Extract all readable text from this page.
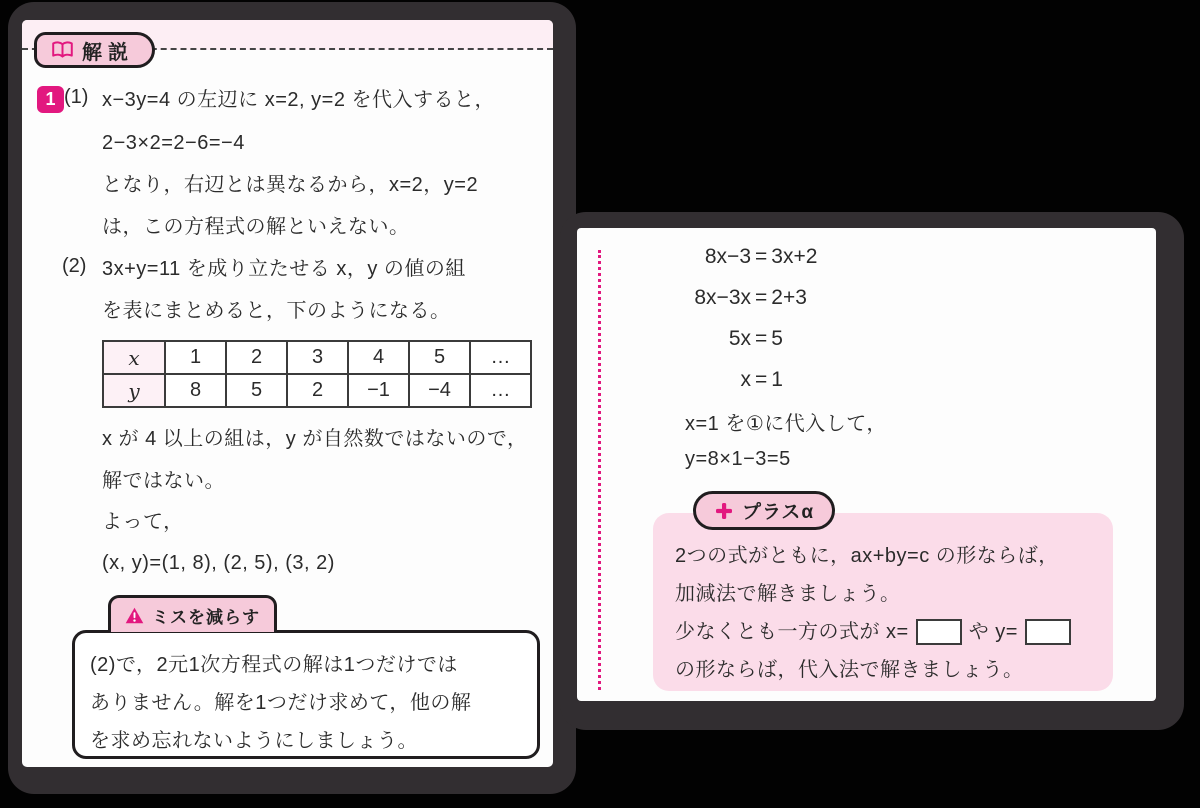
解説
1 (1) x−3y=4 の左辺に x=2, y=2 を代入すると，
2−3×2=2−6=−4
となり，右辺とは異なるから，x=2，y=2
は，この方程式の解といえない。
(2) 3x+y=11 を成り立たせる x，y の値の組
を表にまとめると，下のようになる。
x	1	2	3	4	5	…
y	8	5	2	−1	−4	…
x が 4 以上の組は，y が自然数ではないので，
解ではない。
よって，
(x, y)=(1, 8), (2, 5), (3, 2)
ミスを減らす
(2)で，2元1次方程式の解は1つだけでは
ありません。解を1つだけ求めて，他の解
を求め忘れないようにしましょう。
8x−3 = 3x+2
8x−3x = 2+3
5x = 5
x = 1
x=1 を①に代入して，
y=8×1−3=5
プラスα
2つの式がともに，ax+by=c の形ならば，
加減法で解きましょう。
少なくとも一方の式が x=	や y=
の形ならば，代入法で解きましょう。
